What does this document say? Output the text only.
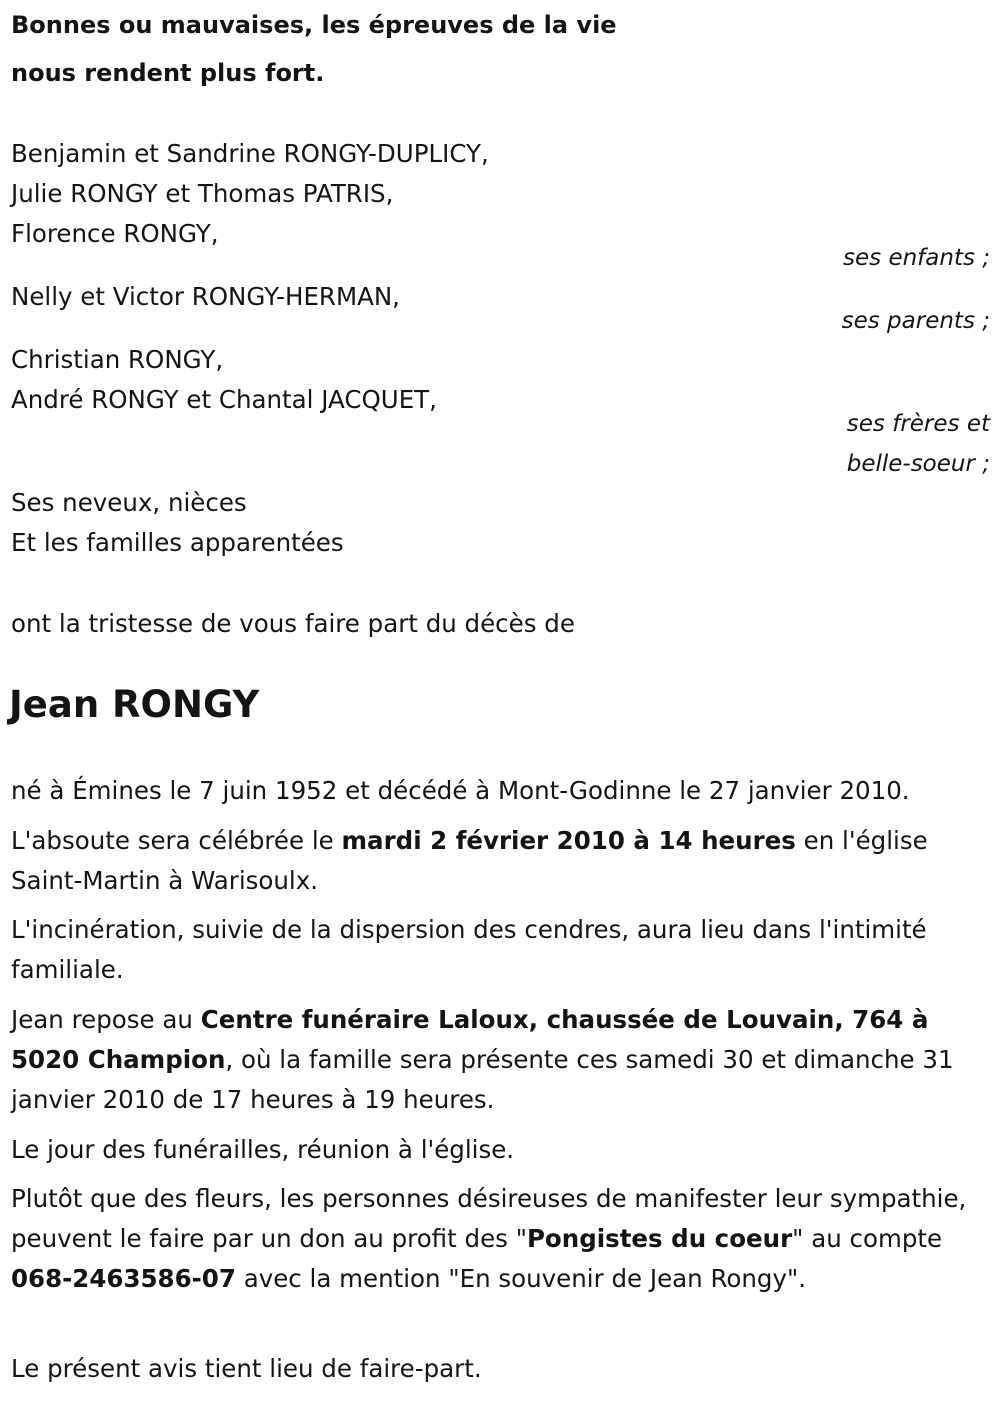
Bonnes ou mauvaises, les épreuves de la vie

nous rendent plus fort.

Benjamin et Sandrine RONGY-DUPLICY,

Julie RONGY et Thomas PATRIS,

Florence RONGY,

ses enfants ;

Nelly et Victor RONGY-HERMAN,

ses parents ;

Christian RONGY,

André RONGY et Chantal JACQUET,

ses frères et

belle-soeur ;

Ses neveux, nièces

Et les familles apparentées

ont la tristesse de vous faire part du décès de

Jean RONGY

né à Émines le 7 juin 1952 et décédé à Mont-Godinne le 27 janvier 2010.

L'absoute sera célébrée le mardi 2 février 2010 à 14 heures en l'église Saint-Martin à Warisoulx.

L'incinération, suivie de la dispersion des cendres, aura lieu dans l'intimité familiale.

Jean repose au Centre funéraire Laloux, chaussée de Louvain, 764 à 5020 Champion, où la famille sera présente ces samedi 30 et dimanche 31 janvier 2010 de 17 heures à 19 heures.

Le jour des funérailles, réunion à l'église.

Plutôt que des fleurs, les personnes désireuses de manifester leur sympathie, peuvent le faire par un don au profit des "Pongistes du coeur" au compte 068-2463586-07 avec la mention "En souvenir de Jean Rongy".

Le présent avis tient lieu de faire-part.
